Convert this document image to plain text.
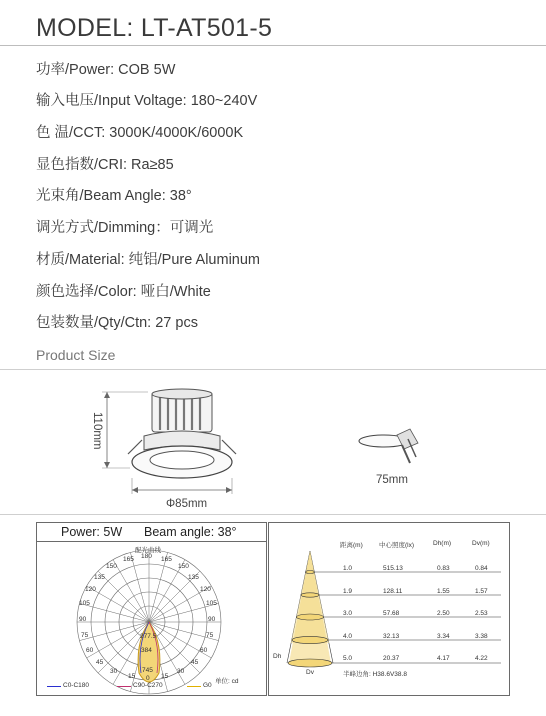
MODEL: LT-AT501-5
功率/Power: COB 5W
输入电压/Input Voltage: 180~240V
色 温/CCT: 3000K/4000K/6000K
显色指数/CRI: Ra≥85
光束角/Beam Angle: 38°
调光方式/Dimming：可调光
材质/Material: 纯铝/Pure Aluminum
颜色选择/Color: 哑白/White
包装数量/Qty/Ctn: 27 pcs
Product Size
110mm
Φ85mm
75mm
Power: 5W Beam angle: 38°
配光曲线
180
165	165
150	150
135	135
120	120
105	105
90	90
75	75
60	60
45	45
30	30
15	15
0
277.5
384
745
单位: cd
C0-C180	C90-C270	G0
距离(m)	中心照度(lx)	Dh(m)	Dv(m)
1.0	515.13	0.83	0.84
1.9	128.11	1.55	1.57
3.0	57.68	2.50	2.53
4.0	32.13	3.34	3.38
5.0	20.37	4.17	4.22
Dh
Dv	半峰边角: H38.6V38.8
